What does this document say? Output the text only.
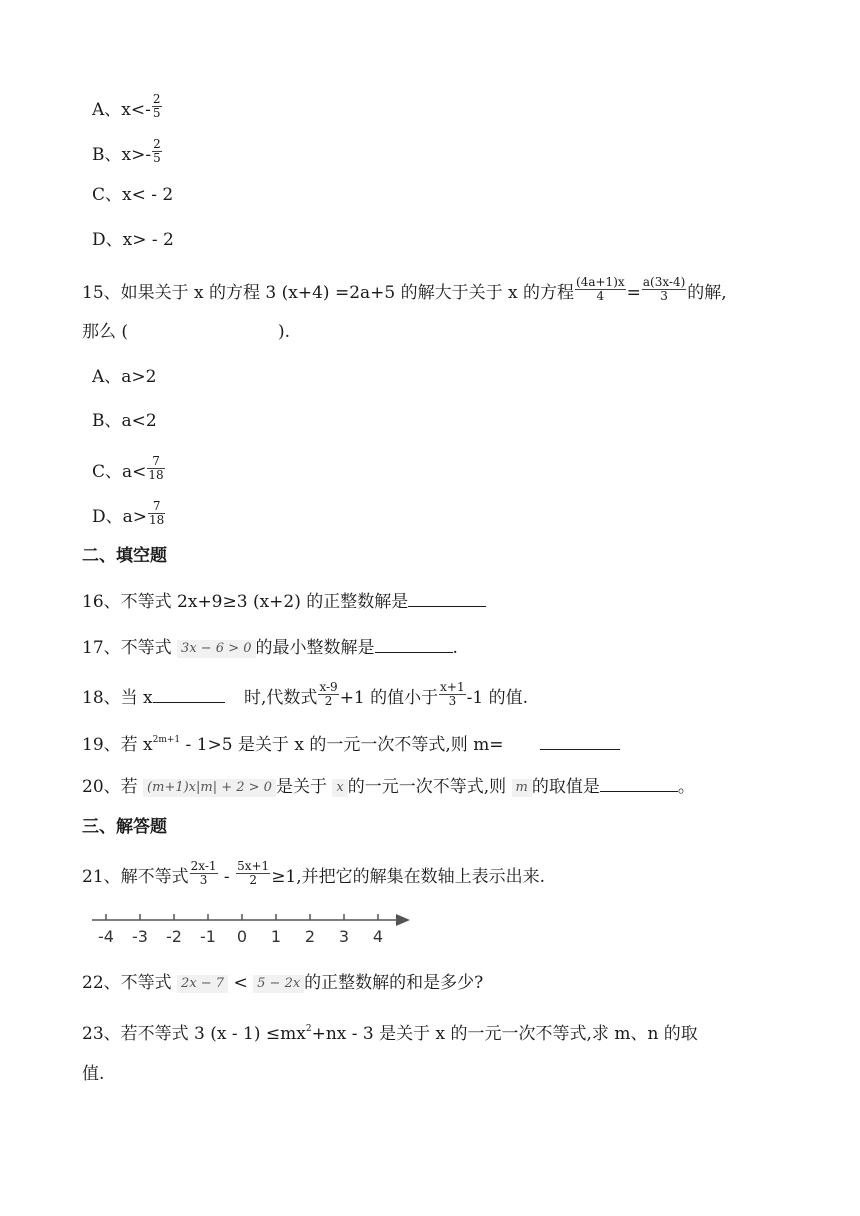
A、$x<- \frac{2}{5}$
B、$x>- \frac{2}{5}$
C、x< - 2
D、x> - 2
15、如果关于 x 的方程 3 (x+4) =2a+5 的解大于关于 x 的方程 $\frac{(4a+1)x}{4} = \frac{a(3x-4)}{3}$ 的解,
那么 (	).
A、a>2
B、a<2
C、$a< \frac{7}{18}$
D、$a> \frac{7}{18}$
二、填空题
16、不等式 2x+9≥3 (x+2) 的正整数解是
17、不等式 3x − 6 > 0 的最小整数解是	.
18、当 x	时,代数式 $\frac{x-9}{2} +1$ 的值小于 $\frac{x+1}{3} -1$ 的值.
19、若 $x^{2m+1} - 1>5$ 是关于 x 的一元一次不等式,则 m=
20、若 (m+1)x|m| + 2 > 0 是关于 x 的一元一次不等式,则 m 的取值是	。
三、解答题
21、解不等式 $\frac{2x-1}{3} - \frac{5x+1}{2} \ge 1$,并把它的解集在数轴上表示出来.
-4 -3 -2 -1 0 1 2 3 4
22、不等式 2x − 7 < 5 − 2x 的正整数解的和是多少?
23、若不等式 3 $(x - 1) \le mx^2+nx - 3$ 是关于 x 的一元一次不等式,求 m、n 的取
值.
